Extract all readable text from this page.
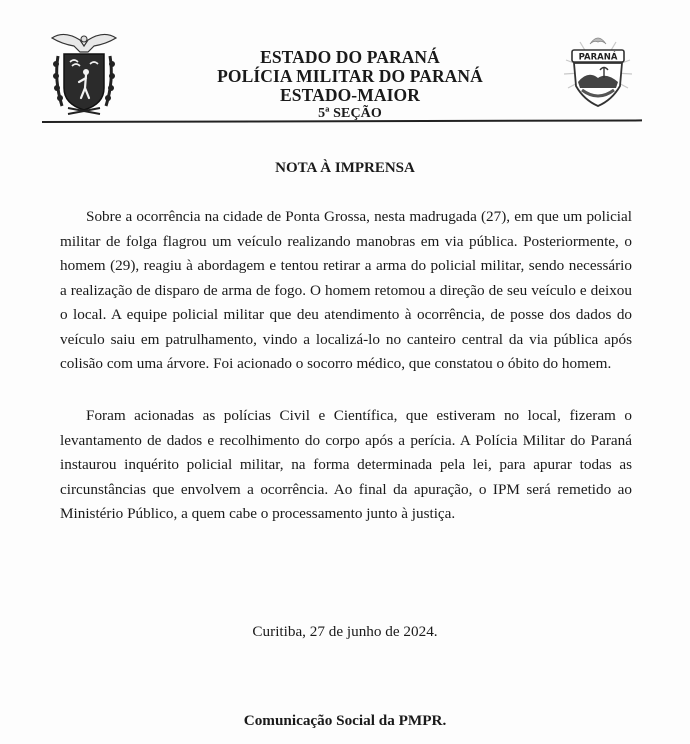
ESTADO DO PARANÁ
POLÍCIA MILITAR DO PARANÁ
ESTADO-MAIOR
5ª SEÇÃO
PARANÁ
NOTA À IMPRENSA

Sobre a ocorrência na cidade de Ponta Grossa, nesta madrugada (27), em que um policial militar de folga flagrou um veículo realizando manobras em via pública. Posteriormente, o homem (29), reagiu à abordagem e tentou retirar a arma do policial militar, sendo necessário a realização de disparo de arma de fogo. O homem retomou a direção de seu veículo e deixou o local. A equipe policial militar que deu atendimento à ocorrência, de posse dos dados do veículo saiu em patrulhamento, vindo a localizá-lo no canteiro central da via pública após colisão com uma árvore. Foi acionado o socorro médico, que constatou o óbito do homem.

Foram acionadas as polícias Civil e Científica, que estiveram no local, fizeram o levantamento de dados e recolhimento do corpo após a perícia. A Polícia Militar do Paraná instaurou inquérito policial militar, na forma determinada pela lei, para apurar todas as circunstâncias que envolvem a ocorrência. Ao final da apuração, o IPM será remetido ao Ministério Público, a quem cabe o processamento junto à justiça.

Curitiba, 27 de junho de 2024.
Comunicação Social da PMPR.
